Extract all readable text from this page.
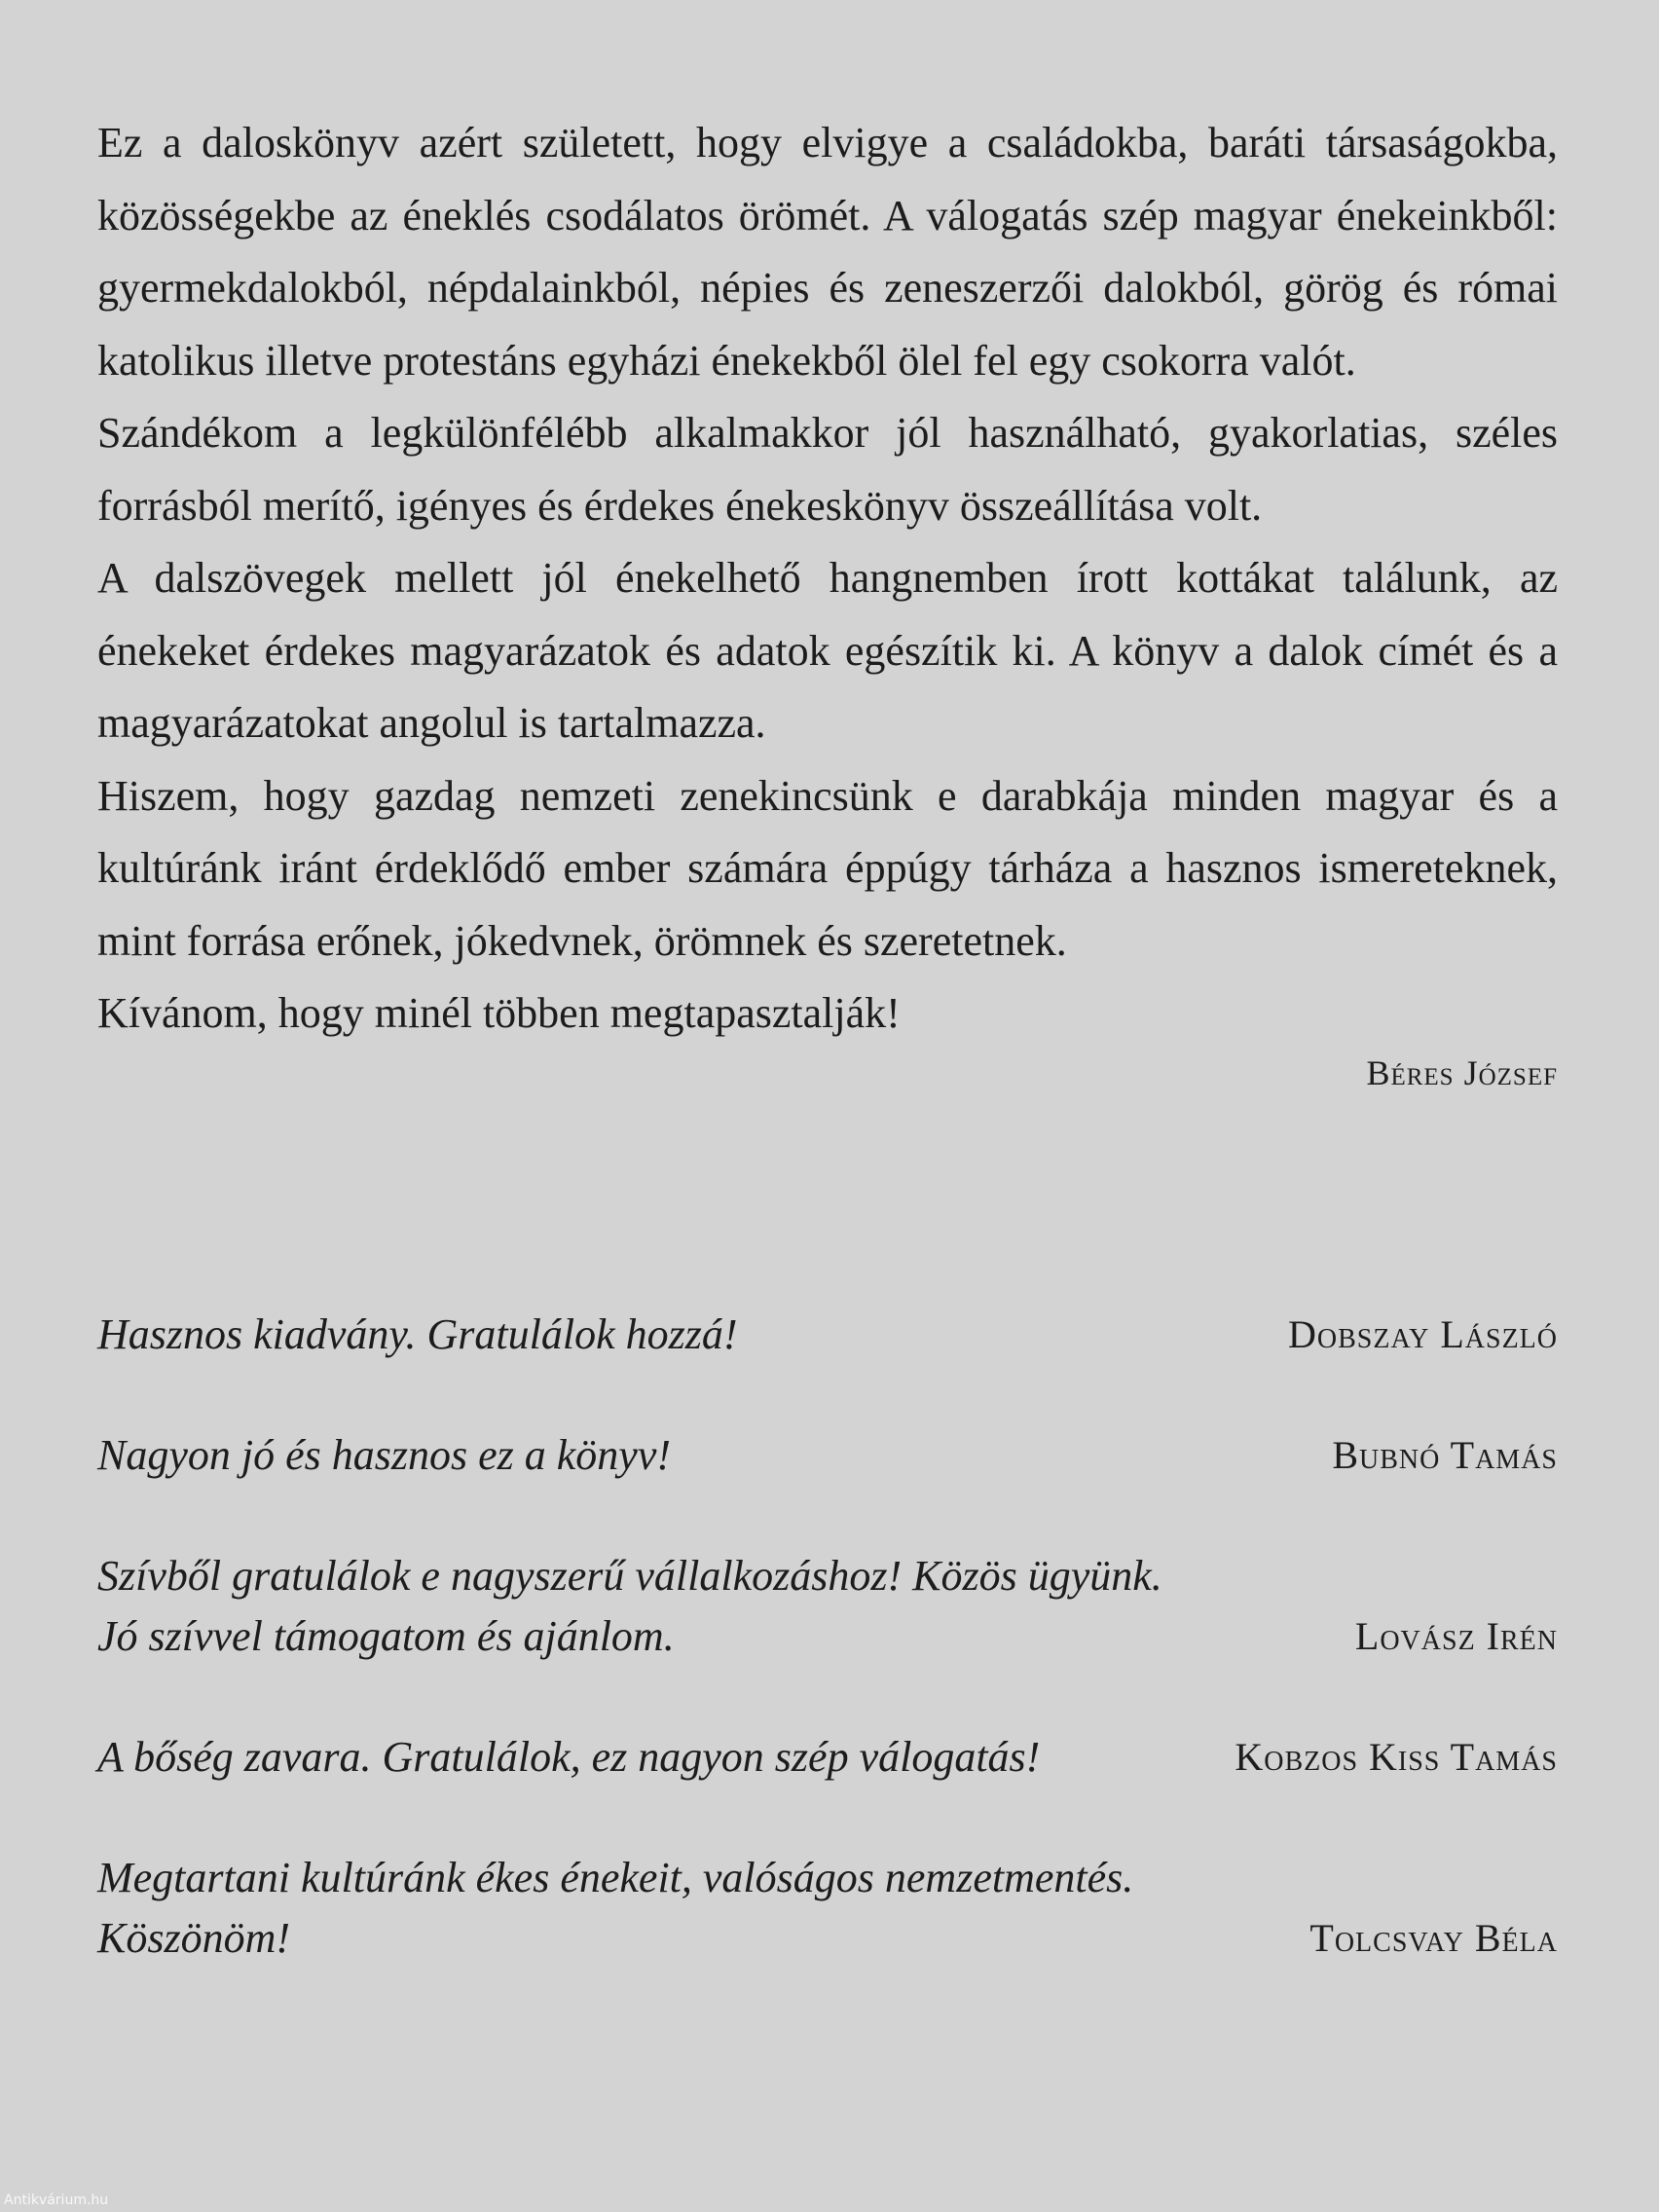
Ez a daloskönyv azért született, hogy elvigye a családokba, baráti társaságokba, közösségekbe az éneklés csodálatos örömét. A válogatás szép magyar énekeinkből: gyermekdalokból, népdalainkból, népies és zeneszerzői dalokból, görög és római katolikus illetve protestáns egyházi énekekből ölel fel egy csokorra valót.

Szándékom a legkülönfélébb alkalmakkor jól használható, gyakorlatias, széles forrásból merítő, igényes és érdekes énekeskönyv összeállítása volt.

A dalszövegek mellett jól énekelhető hangnemben írott kottákat találunk, az énekeket érdekes magyarázatok és adatok egészítik ki. A könyv a dalok címét és a magyarázatokat angolul is tartalmazza.

Hiszem, hogy gazdag nemzeti zenekincsünk e darabkája minden magyar és a kultúránk iránt érdeklődő ember számára éppúgy tárháza a hasznos ismereteknek, mint forrása erőnek, jókedvnek, örömnek és szeretetnek.

Kívánom, hogy minél többen megtapasztalják!

Béres József
Hasznos kiadvány. Gratulálok hozzá!	Dobszay László
Nagyon jó és hasznos ez a könyv!	Bubnó Tamás
Szívből gratulálok e nagyszerű vállalkozáshoz! Közös ügyünk.
Jó szívvel támogatom és ajánlom.	Lovász Irén
A bőség zavara. Gratulálok, ez nagyon szép válogatás!	Kobzos Kiss Tamás
Megtartani kultúránk ékes énekeit, valóságos nemzetmentés.
Köszönöm!	Tolcsvay Béla
Antikvárium.hu
